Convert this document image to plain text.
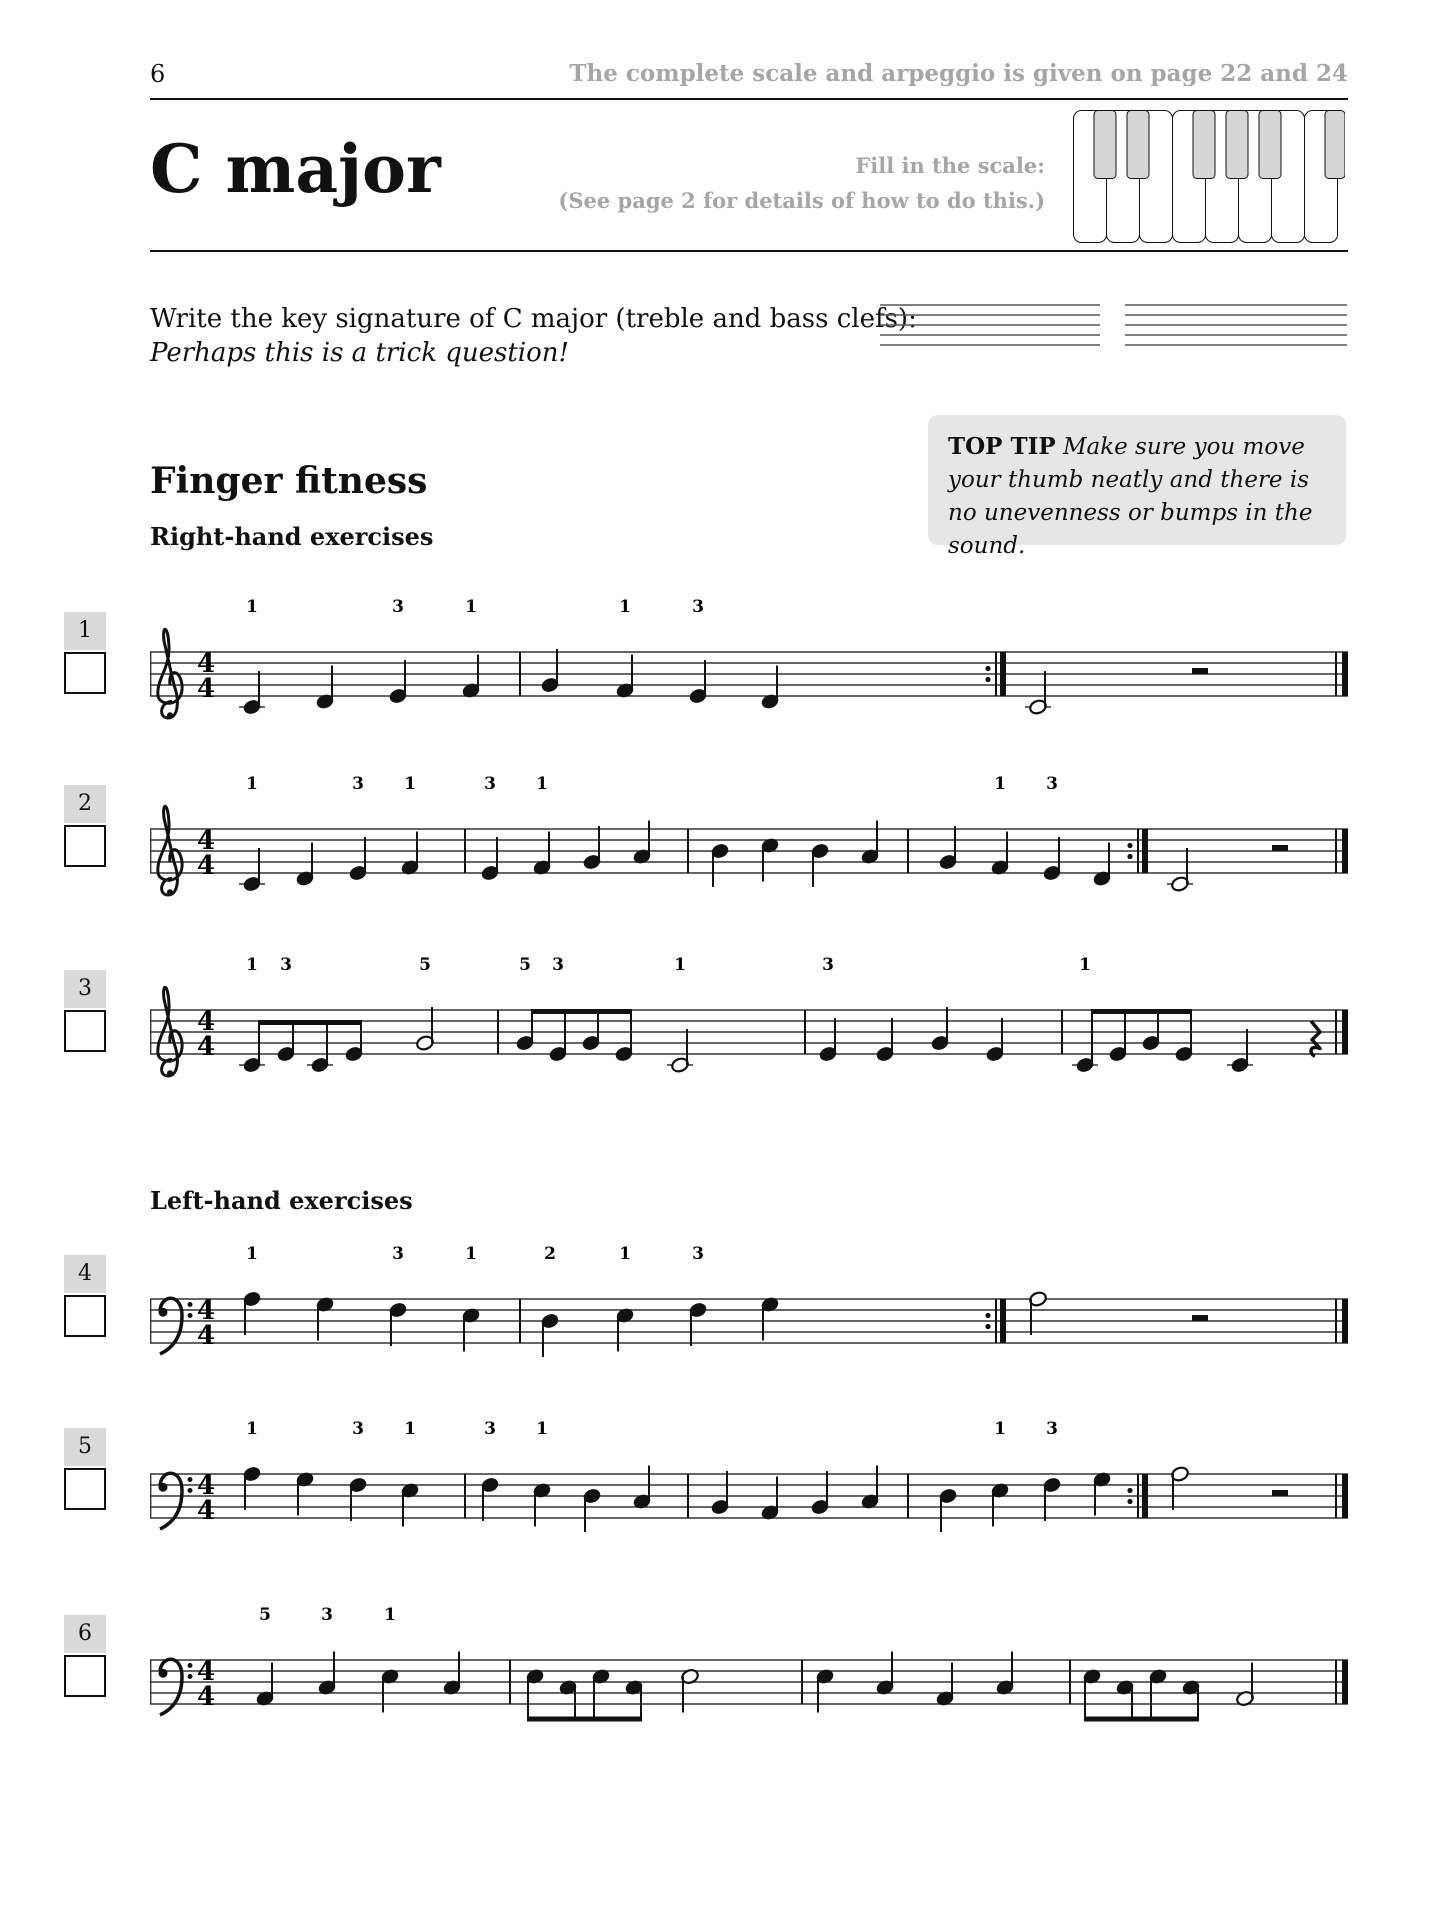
6	The complete scale and arpeggio is given on page 22 and 24
C major	Fill in the scale:
(See page 2 for details of how to do this.)
Write the key signature of C major (treble and bass clefs):
Perhaps this is a trick question!
TOP TIP Make sure you move your thumb neatly and there is no unevenness or bumps in the sound.
Finger fitness
Right-hand exercises
Left-hand exercises
1
2
3
4
5
6
4
4
1	3	1	1	3
4
4
1	3 1	3 1	1 3
4
4
1 3	5	5 3	1	3	1
4
4
1	3	1	2	1	3
4
4
1	3 1	3 1	1 3
4
4
5	3	1
